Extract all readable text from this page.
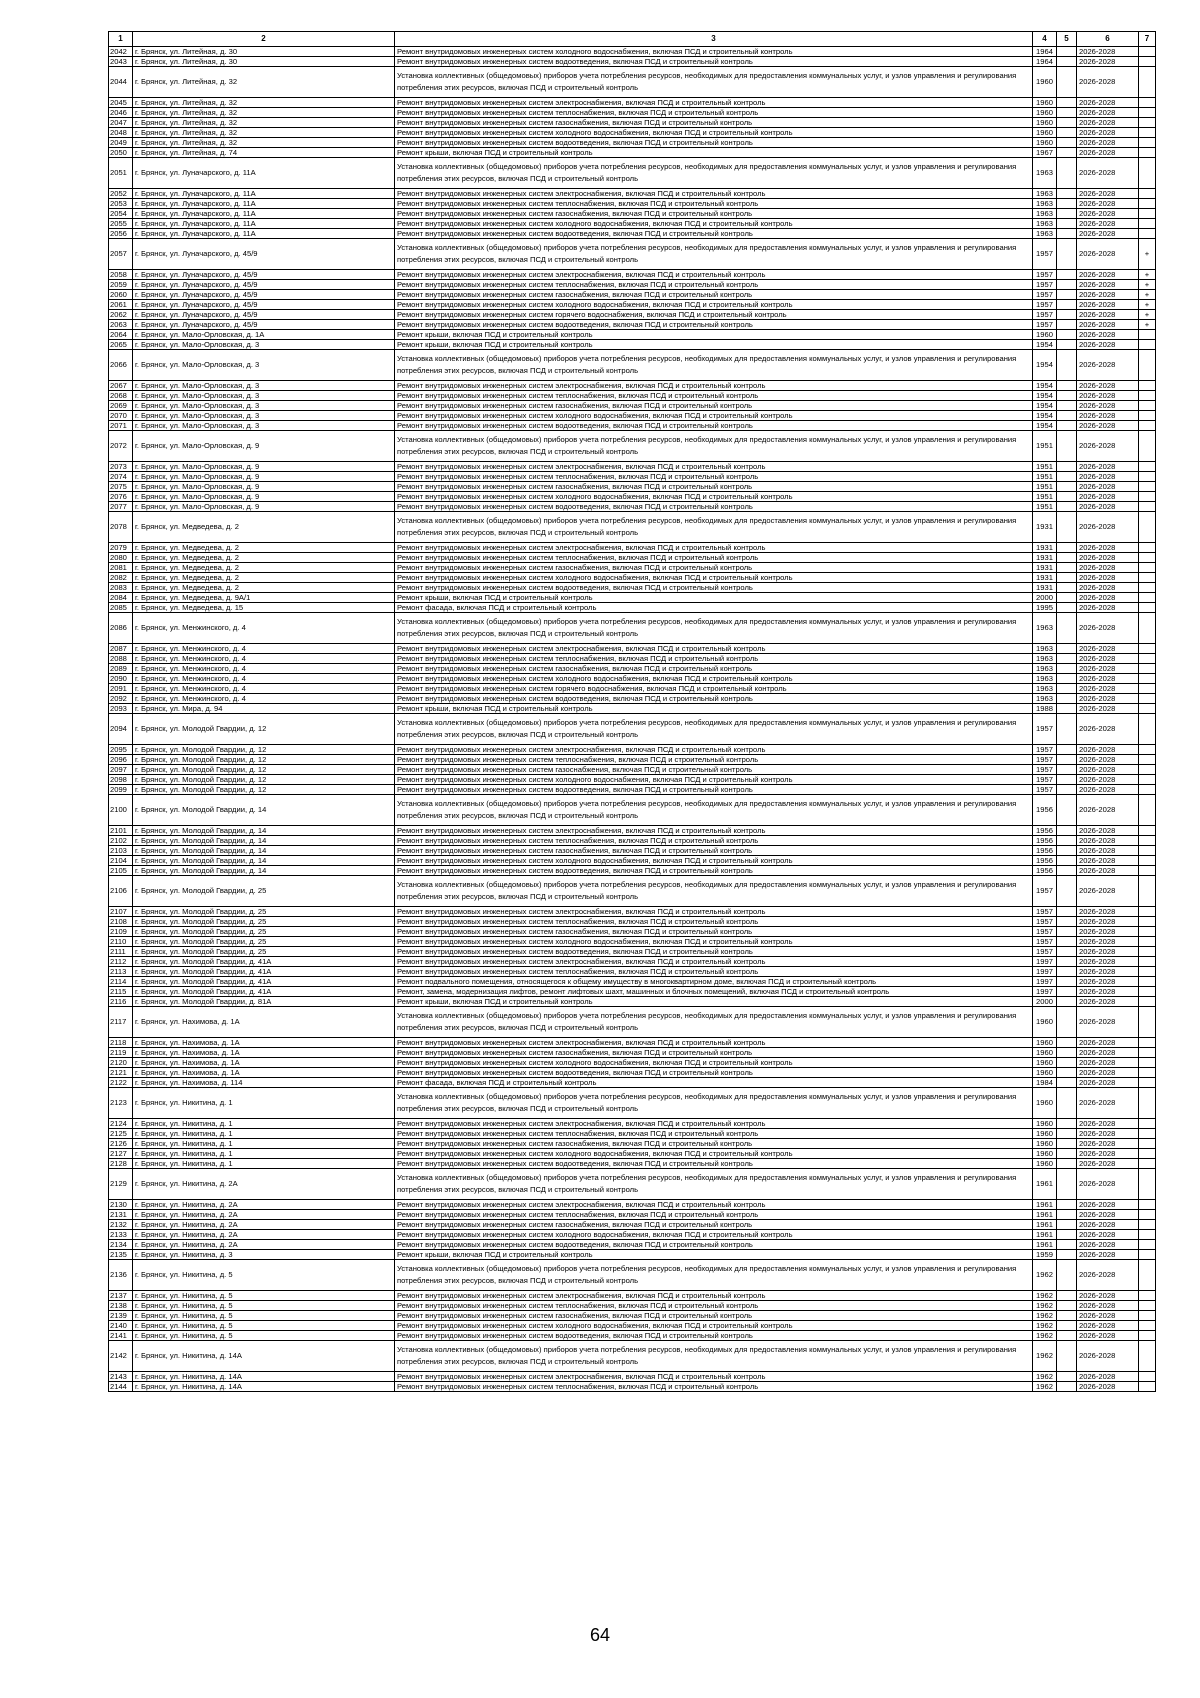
1	2	3	4	5	6	7
2042	г. Брянск, ул. Литейная, д. 30	Ремонт внутридомовых инженерных систем холодного водоснабжения, включая ПСД и строительный контроль	1964		2026-2028	
2043	г. Брянск, ул. Литейная, д. 30	Ремонт внутридомовых инженерных систем водоотведения, включая ПСД и строительный контроль	1964		2026-2028	
2044	г. Брянск, ул. Литейная, д. 32	Установка коллективных (общедомовых) приборов учета потребления ресурсов, необходимых для предоставления коммунальных услуг, и узлов управления и регулирования потребления этих ресурсов, включая ПСД и строительный контроль	1960		2026-2028	
2045	г. Брянск, ул. Литейная, д. 32	Ремонт внутридомовых инженерных систем электроснабжения, включая ПСД и строительный контроль	1960		2026-2028	
2046	г. Брянск, ул. Литейная, д. 32	Ремонт внутридомовых инженерных систем теплоснабжения, включая ПСД и строительный контроль	1960		2026-2028	
2047	г. Брянск, ул. Литейная, д. 32	Ремонт внутридомовых инженерных систем газоснабжения, включая ПСД и строительный контроль	1960		2026-2028	
2048	г. Брянск, ул. Литейная, д. 32	Ремонт внутридомовых инженерных систем холодного водоснабжения, включая ПСД и строительный контроль	1960		2026-2028	
2049	г. Брянск, ул. Литейная, д. 32	Ремонт внутридомовых инженерных систем водоотведения, включая ПСД и строительный контроль	1960		2026-2028	
2050	г. Брянск, ул. Литейная, д. 74	Ремонт крыши, включая ПСД и строительный контроль	1967		2026-2028	
2051	г. Брянск, ул. Луначарского, д. 11А	Установка коллективных (общедомовых) приборов учета потребления ресурсов, необходимых для предоставления коммунальных услуг, и узлов управления и регулирования потребления этих ресурсов, включая ПСД и строительный контроль	1963		2026-2028	
2052	г. Брянск, ул. Луначарского, д. 11А	Ремонт внутридомовых инженерных систем электроснабжения, включая ПСД и строительный контроль	1963		2026-2028	
2053	г. Брянск, ул. Луначарского, д. 11А	Ремонт внутридомовых инженерных систем теплоснабжения, включая ПСД и строительный контроль	1963		2026-2028	
2054	г. Брянск, ул. Луначарского, д. 11А	Ремонт внутридомовых инженерных систем газоснабжения, включая ПСД и строительный контроль	1963		2026-2028	
2055	г. Брянск, ул. Луначарского, д. 11А	Ремонт внутридомовых инженерных систем холодного водоснабжения, включая ПСД и строительный контроль	1963		2026-2028	
2056	г. Брянск, ул. Луначарского, д. 11А	Ремонт внутридомовых инженерных систем водоотведения, включая ПСД и строительный контроль	1963		2026-2028	
2057	г. Брянск, ул. Луначарского, д. 45/9	Установка коллективных (общедомовых) приборов учета потребления ресурсов, необходимых для предоставления коммунальных услуг, и узлов управления и регулирования потребления этих ресурсов, включая ПСД и строительный контроль	1957		2026-2028	+
2058	г. Брянск, ул. Луначарского, д. 45/9	Ремонт внутридомовых инженерных систем электроснабжения, включая ПСД и строительный контроль	1957		2026-2028	+
2059	г. Брянск, ул. Луначарского, д. 45/9	Ремонт внутридомовых инженерных систем теплоснабжения, включая ПСД и строительный контроль	1957		2026-2028	+
2060	г. Брянск, ул. Луначарского, д. 45/9	Ремонт внутридомовых инженерных систем газоснабжения, включая ПСД и строительный контроль	1957		2026-2028	+
2061	г. Брянск, ул. Луначарского, д. 45/9	Ремонт внутридомовых инженерных систем холодного водоснабжения, включая ПСД и строительный контроль	1957		2026-2028	+
2062	г. Брянск, ул. Луначарского, д. 45/9	Ремонт внутридомовых инженерных систем горячего водоснабжения, включая ПСД и строительный контроль	1957		2026-2028	+
2063	г. Брянск, ул. Луначарского, д. 45/9	Ремонт внутридомовых инженерных систем водоотведения, включая ПСД и строительный контроль	1957		2026-2028	+
2064	г. Брянск, ул. Мало-Орловская, д. 1А	Ремонт крыши, включая ПСД и строительный контроль	1960		2026-2028	
2065	г. Брянск, ул. Мало-Орловская, д. 3	Ремонт крыши, включая ПСД и строительный контроль	1954		2026-2028	
2066	г. Брянск, ул. Мало-Орловская, д. 3	Установка коллективных (общедомовых) приборов учета потребления ресурсов, необходимых для предоставления коммунальных услуг, и узлов управления и регулирования потребления этих ресурсов, включая ПСД и строительный контроль	1954		2026-2028	
2067	г. Брянск, ул. Мало-Орловская, д. 3	Ремонт внутридомовых инженерных систем электроснабжения, включая ПСД и строительный контроль	1954		2026-2028	
2068	г. Брянск, ул. Мало-Орловская, д. 3	Ремонт внутридомовых инженерных систем теплоснабжения, включая ПСД и строительный контроль	1954		2026-2028	
2069	г. Брянск, ул. Мало-Орловская, д. 3	Ремонт внутридомовых инженерных систем газоснабжения, включая ПСД и строительный контроль	1954		2026-2028	
2070	г. Брянск, ул. Мало-Орловская, д. 3	Ремонт внутридомовых инженерных систем холодного водоснабжения, включая ПСД и строительный контроль	1954		2026-2028	
2071	г. Брянск, ул. Мало-Орловская, д. 3	Ремонт внутридомовых инженерных систем водоотведения, включая ПСД и строительный контроль	1954		2026-2028	
2072	г. Брянск, ул. Мало-Орловская, д. 9	Установка коллективных (общедомовых) приборов учета потребления ресурсов, необходимых для предоставления коммунальных услуг, и узлов управления и регулирования потребления этих ресурсов, включая ПСД и строительный контроль	1951		2026-2028	
2073	г. Брянск, ул. Мало-Орловская, д. 9	Ремонт внутридомовых инженерных систем электроснабжения, включая ПСД и строительный контроль	1951		2026-2028	
2074	г. Брянск, ул. Мало-Орловская, д. 9	Ремонт внутридомовых инженерных систем теплоснабжения, включая ПСД и строительный контроль	1951		2026-2028	
2075	г. Брянск, ул. Мало-Орловская, д. 9	Ремонт внутридомовых инженерных систем газоснабжения, включая ПСД и строительный контроль	1951		2026-2028	
2076	г. Брянск, ул. Мало-Орловская, д. 9	Ремонт внутридомовых инженерных систем холодного водоснабжения, включая ПСД и строительный контроль	1951		2026-2028	
2077	г. Брянск, ул. Мало-Орловская, д. 9	Ремонт внутридомовых инженерных систем водоотведения, включая ПСД и строительный контроль	1951		2026-2028	
2078	г. Брянск, ул. Медведева, д. 2	Установка коллективных (общедомовых) приборов учета потребления ресурсов, необходимых для предоставления коммунальных услуг, и узлов управления и регулирования потребления этих ресурсов, включая ПСД и строительный контроль	1931		2026-2028	
2079	г. Брянск, ул. Медведева, д. 2	Ремонт внутридомовых инженерных систем электроснабжения, включая ПСД и строительный контроль	1931		2026-2028	
2080	г. Брянск, ул. Медведева, д. 2	Ремонт внутридомовых инженерных систем теплоснабжения, включая ПСД и строительный контроль	1931		2026-2028	
2081	г. Брянск, ул. Медведева, д. 2	Ремонт внутридомовых инженерных систем газоснабжения, включая ПСД и строительный контроль	1931		2026-2028	
2082	г. Брянск, ул. Медведева, д. 2	Ремонт внутридомовых инженерных систем холодного водоснабжения, включая ПСД и строительный контроль	1931		2026-2028	
2083	г. Брянск, ул. Медведева, д. 2	Ремонт внутридомовых инженерных систем водоотведения, включая ПСД и строительный контроль	1931		2026-2028	
2084	г. Брянск, ул. Медведева, д. 9А/1	Ремонт крыши, включая ПСД и строительный контроль	2000		2026-2028	
2085	г. Брянск, ул. Медведева, д. 15	Ремонт фасада, включая ПСД и строительный контроль	1995		2026-2028	
2086	г. Брянск, ул. Менжинского, д. 4	Установка коллективных (общедомовых) приборов учета потребления ресурсов, необходимых для предоставления коммунальных услуг, и узлов управления и регулирования потребления этих ресурсов, включая ПСД и строительный контроль	1963		2026-2028	
2087	г. Брянск, ул. Менжинского, д. 4	Ремонт внутридомовых инженерных систем электроснабжения, включая ПСД и строительный контроль	1963		2026-2028	
2088	г. Брянск, ул. Менжинского, д. 4	Ремонт внутридомовых инженерных систем теплоснабжения, включая ПСД и строительный контроль	1963		2026-2028	
2089	г. Брянск, ул. Менжинского, д. 4	Ремонт внутридомовых инженерных систем газоснабжения, включая ПСД и строительный контроль	1963		2026-2028	
2090	г. Брянск, ул. Менжинского, д. 4	Ремонт внутридомовых инженерных систем холодного водоснабжения, включая ПСД и строительный контроль	1963		2026-2028	
2091	г. Брянск, ул. Менжинского, д. 4	Ремонт внутридомовых инженерных систем горячего водоснабжения, включая ПСД и строительный контроль	1963		2026-2028	
2092	г. Брянск, ул. Менжинского, д. 4	Ремонт внутридомовых инженерных систем водоотведения, включая ПСД и строительный контроль	1963		2026-2028	
2093	г. Брянск, ул. Мира, д. 94	Ремонт крыши, включая ПСД и строительный контроль	1988		2026-2028	
2094	г. Брянск, ул. Молодой Гвардии, д. 12	Установка коллективных (общедомовых) приборов учета потребления ресурсов, необходимых для предоставления коммунальных услуг, и узлов управления и регулирования потребления этих ресурсов, включая ПСД и строительный контроль	1957		2026-2028	
2095	г. Брянск, ул. Молодой Гвардии, д. 12	Ремонт внутридомовых инженерных систем электроснабжения, включая ПСД и строительный контроль	1957		2026-2028	
2096	г. Брянск, ул. Молодой Гвардии, д. 12	Ремонт внутридомовых инженерных систем теплоснабжения, включая ПСД и строительный контроль	1957		2026-2028	
2097	г. Брянск, ул. Молодой Гвардии, д. 12	Ремонт внутридомовых инженерных систем газоснабжения, включая ПСД и строительный контроль	1957		2026-2028	
2098	г. Брянск, ул. Молодой Гвардии, д. 12	Ремонт внутридомовых инженерных систем холодного водоснабжения, включая ПСД и строительный контроль	1957		2026-2028	
2099	г. Брянск, ул. Молодой Гвардии, д. 12	Ремонт внутридомовых инженерных систем водоотведения, включая ПСД и строительный контроль	1957		2026-2028	
2100	г. Брянск, ул. Молодой Гвардии, д. 14	Установка коллективных (общедомовых) приборов учета потребления ресурсов, необходимых для предоставления коммунальных услуг, и узлов управления и регулирования потребления этих ресурсов, включая ПСД и строительный контроль	1956		2026-2028	
2101	г. Брянск, ул. Молодой Гвардии, д. 14	Ремонт внутридомовых инженерных систем электроснабжения, включая ПСД и строительный контроль	1956		2026-2028	
2102	г. Брянск, ул. Молодой Гвардии, д. 14	Ремонт внутридомовых инженерных систем теплоснабжения, включая ПСД и строительный контроль	1956		2026-2028	
2103	г. Брянск, ул. Молодой Гвардии, д. 14	Ремонт внутридомовых инженерных систем газоснабжения, включая ПСД и строительный контроль	1956		2026-2028	
2104	г. Брянск, ул. Молодой Гвардии, д. 14	Ремонт внутридомовых инженерных систем холодного водоснабжения, включая ПСД и строительный контроль	1956		2026-2028	
2105	г. Брянск, ул. Молодой Гвардии, д. 14	Ремонт внутридомовых инженерных систем водоотведения, включая ПСД и строительный контроль	1956		2026-2028	
2106	г. Брянск, ул. Молодой Гвардии, д. 25	Установка коллективных (общедомовых) приборов учета потребления ресурсов, необходимых для предоставления коммунальных услуг, и узлов управления и регулирования потребления этих ресурсов, включая ПСД и строительный контроль	1957		2026-2028	
2107	г. Брянск, ул. Молодой Гвардии, д. 25	Ремонт внутридомовых инженерных систем электроснабжения, включая ПСД и строительный контроль	1957		2026-2028	
2108	г. Брянск, ул. Молодой Гвардии, д. 25	Ремонт внутридомовых инженерных систем теплоснабжения, включая ПСД и строительный контроль	1957		2026-2028	
2109	г. Брянск, ул. Молодой Гвардии, д. 25	Ремонт внутридомовых инженерных систем газоснабжения, включая ПСД и строительный контроль	1957		2026-2028	
2110	г. Брянск, ул. Молодой Гвардии, д. 25	Ремонт внутридомовых инженерных систем холодного водоснабжения, включая ПСД и строительный контроль	1957		2026-2028	
2111	г. Брянск, ул. Молодой Гвардии, д. 25	Ремонт внутридомовых инженерных систем водоотведения, включая ПСД и строительный контроль	1957		2026-2028	
2112	г. Брянск, ул. Молодой Гвардии, д. 41А	Ремонт внутридомовых инженерных систем электроснабжения, включая ПСД и строительный контроль	1997		2026-2028	
2113	г. Брянск, ул. Молодой Гвардии, д. 41А	Ремонт внутридомовых инженерных систем теплоснабжения, включая ПСД и строительный контроль	1997		2026-2028	
2114	г. Брянск, ул. Молодой Гвардии, д. 41А	Ремонт подвального помещения, относящегося к общему имуществу в многоквартирном доме, включая ПСД и строительный контроль	1997		2026-2028	
2115	г. Брянск, ул. Молодой Гвардии, д. 41А	Ремонт, замена, модернизация лифтов, ремонт лифтовых шахт, машинных и блочных помещений, включая ПСД и строительный контроль	1997		2026-2028	
2116	г. Брянск, ул. Молодой Гвардии, д. 81А	Ремонт крыши, включая ПСД и строительный контроль	2000		2026-2028	
2117	г. Брянск, ул. Нахимова, д. 1А	Установка коллективных (общедомовых) приборов учета потребления ресурсов, необходимых для предоставления коммунальных услуг, и узлов управления и регулирования потребления этих ресурсов, включая ПСД и строительный контроль	1960		2026-2028	
2118	г. Брянск, ул. Нахимова, д. 1А	Ремонт внутридомовых инженерных систем электроснабжения, включая ПСД и строительный контроль	1960		2026-2028	
2119	г. Брянск, ул. Нахимова, д. 1А	Ремонт внутридомовых инженерных систем газоснабжения, включая ПСД и строительный контроль	1960		2026-2028	
2120	г. Брянск, ул. Нахимова, д. 1А	Ремонт внутридомовых инженерных систем холодного водоснабжения, включая ПСД и строительный контроль	1960		2026-2028	
2121	г. Брянск, ул. Нахимова, д. 1А	Ремонт внутридомовых инженерных систем водоотведения, включая ПСД и строительный контроль	1960		2026-2028	
2122	г. Брянск, ул. Нахимова, д. 114	Ремонт фасада, включая ПСД и строительный контроль	1984		2026-2028	
2123	г. Брянск, ул. Никитина, д. 1	Установка коллективных (общедомовых) приборов учета потребления ресурсов, необходимых для предоставления коммунальных услуг, и узлов управления и регулирования потребления этих ресурсов, включая ПСД и строительный контроль	1960		2026-2028	
2124	г. Брянск, ул. Никитина, д. 1	Ремонт внутридомовых инженерных систем электроснабжения, включая ПСД и строительный контроль	1960		2026-2028	
2125	г. Брянск, ул. Никитина, д. 1	Ремонт внутридомовых инженерных систем теплоснабжения, включая ПСД и строительный контроль	1960		2026-2028	
2126	г. Брянск, ул. Никитина, д. 1	Ремонт внутридомовых инженерных систем газоснабжения, включая ПСД и строительный контроль	1960		2026-2028	
2127	г. Брянск, ул. Никитина, д. 1	Ремонт внутридомовых инженерных систем холодного водоснабжения, включая ПСД и строительный контроль	1960		2026-2028	
2128	г. Брянск, ул. Никитина, д. 1	Ремонт внутридомовых инженерных систем водоотведения, включая ПСД и строительный контроль	1960		2026-2028	
2129	г. Брянск, ул. Никитина, д. 2А	Установка коллективных (общедомовых) приборов учета потребления ресурсов, необходимых для предоставления коммунальных услуг, и узлов управления и регулирования потребления этих ресурсов, включая ПСД и строительный контроль	1961		2026-2028	
2130	г. Брянск, ул. Никитина, д. 2А	Ремонт внутридомовых инженерных систем электроснабжения, включая ПСД и строительный контроль	1961		2026-2028	
2131	г. Брянск, ул. Никитина, д. 2А	Ремонт внутридомовых инженерных систем теплоснабжения, включая ПСД и строительный контроль	1961		2026-2028	
2132	г. Брянск, ул. Никитина, д. 2А	Ремонт внутридомовых инженерных систем газоснабжения, включая ПСД и строительный контроль	1961		2026-2028	
2133	г. Брянск, ул. Никитина, д. 2А	Ремонт внутридомовых инженерных систем холодного водоснабжения, включая ПСД и строительный контроль	1961		2026-2028	
2134	г. Брянск, ул. Никитина, д. 2А	Ремонт внутридомовых инженерных систем водоотведения, включая ПСД и строительный контроль	1961		2026-2028	
2135	г. Брянск, ул. Никитина, д. 3	Ремонт крыши, включая ПСД и строительный контроль	1959		2026-2028	
2136	г. Брянск, ул. Никитина, д. 5	Установка коллективных (общедомовых) приборов учета потребления ресурсов, необходимых для предоставления коммунальных услуг, и узлов управления и регулирования потребления этих ресурсов, включая ПСД и строительный контроль	1962		2026-2028	
2137	г. Брянск, ул. Никитина, д. 5	Ремонт внутридомовых инженерных систем электроснабжения, включая ПСД и строительный контроль	1962		2026-2028	
2138	г. Брянск, ул. Никитина, д. 5	Ремонт внутридомовых инженерных систем теплоснабжения, включая ПСД и строительный контроль	1962		2026-2028	
2139	г. Брянск, ул. Никитина, д. 5	Ремонт внутридомовых инженерных систем газоснабжения, включая ПСД и строительный контроль	1962		2026-2028	
2140	г. Брянск, ул. Никитина, д. 5	Ремонт внутридомовых инженерных систем холодного водоснабжения, включая ПСД и строительный контроль	1962		2026-2028	
2141	г. Брянск, ул. Никитина, д. 5	Ремонт внутридомовых инженерных систем водоотведения, включая ПСД и строительный контроль	1962		2026-2028	
2142	г. Брянск, ул. Никитина, д. 14А	Установка коллективных (общедомовых) приборов учета потребления ресурсов, необходимых для предоставления коммунальных услуг, и узлов управления и регулирования потребления этих ресурсов, включая ПСД и строительный контроль	1962		2026-2028	
2143	г. Брянск, ул. Никитина, д. 14А	Ремонт внутридомовых инженерных систем электроснабжения, включая ПСД и строительный контроль	1962		2026-2028	
2144	г. Брянск, ул. Никитина, д. 14А	Ремонт внутридомовых инженерных систем теплоснабжения, включая ПСД и строительный контроль	1962		2026-2028	
64
